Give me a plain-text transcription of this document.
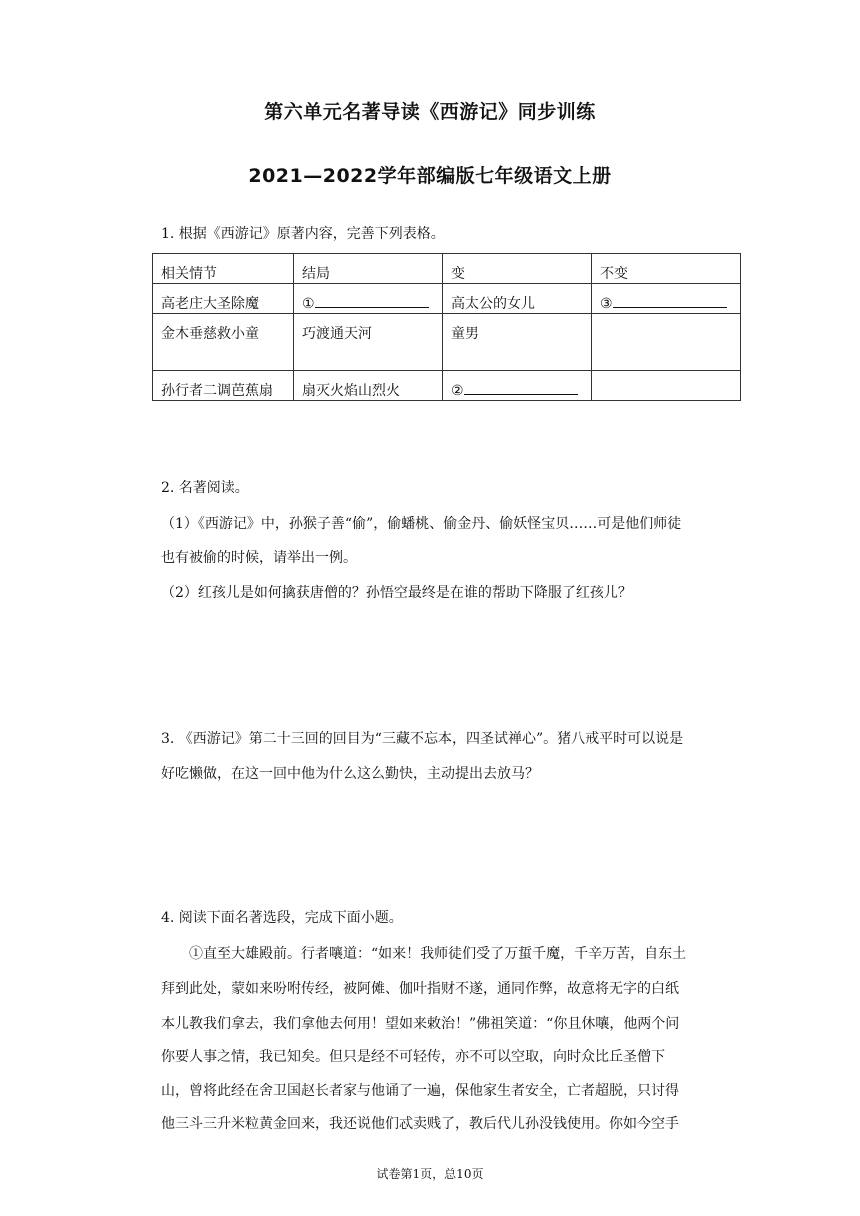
第六单元名著导读《西游记》同步训练
2021—2022学年部编版七年级语文上册
1. 根据《西游记》原著内容，完善下列表格。
相关情节	结局	变	不变
高老庄大圣除魔	①	高太公的女儿	③
金木垂慈救小童	巧渡通天河	童男	
孙行者二调芭蕉扇	扇灭火焰山烈火	②	
2. 名著阅读。
（1）《西游记》中，孙猴子善“偷”，偷蟠桃、偷金丹、偷妖怪宝贝……可是他们师徒
也有被偷的时候，请举出一例。
（2）红孩儿是如何擒获唐僧的？孙悟空最终是在谁的帮助下降服了红孩儿？
3. 《西游记》第二十三回的回目为“三藏不忘本，四圣试禅心”。猪八戒平时可以说是
好吃懒做，在这一回中他为什么这么勤快，主动提出去放马？
4. 阅读下面名著选段，完成下面小题。
①直至大雄殿前。行者嚷道：“如来！我师徒们受了万蜇千魔，千辛万苦，自东土
拜到此处，蒙如来吩咐传经，被阿傩、伽叶指财不遂，通同作弊，故意将无字的白纸
本儿教我们拿去，我们拿他去何用！望如来敕治！”佛祖笑道：“你且休嚷，他两个问
你要人事之情，我已知矣。但只是经不可轻传，亦不可以空取，向时众比丘圣僧下
山，曾将此经在舍卫国赵长者家与他诵了一遍，保他家生者安全，亡者超脱，只讨得
他三斗三升米粒黄金回来，我还说他们忒卖贱了，教后代儿孙没钱使用。你如今空手
试卷第1页，总10页
